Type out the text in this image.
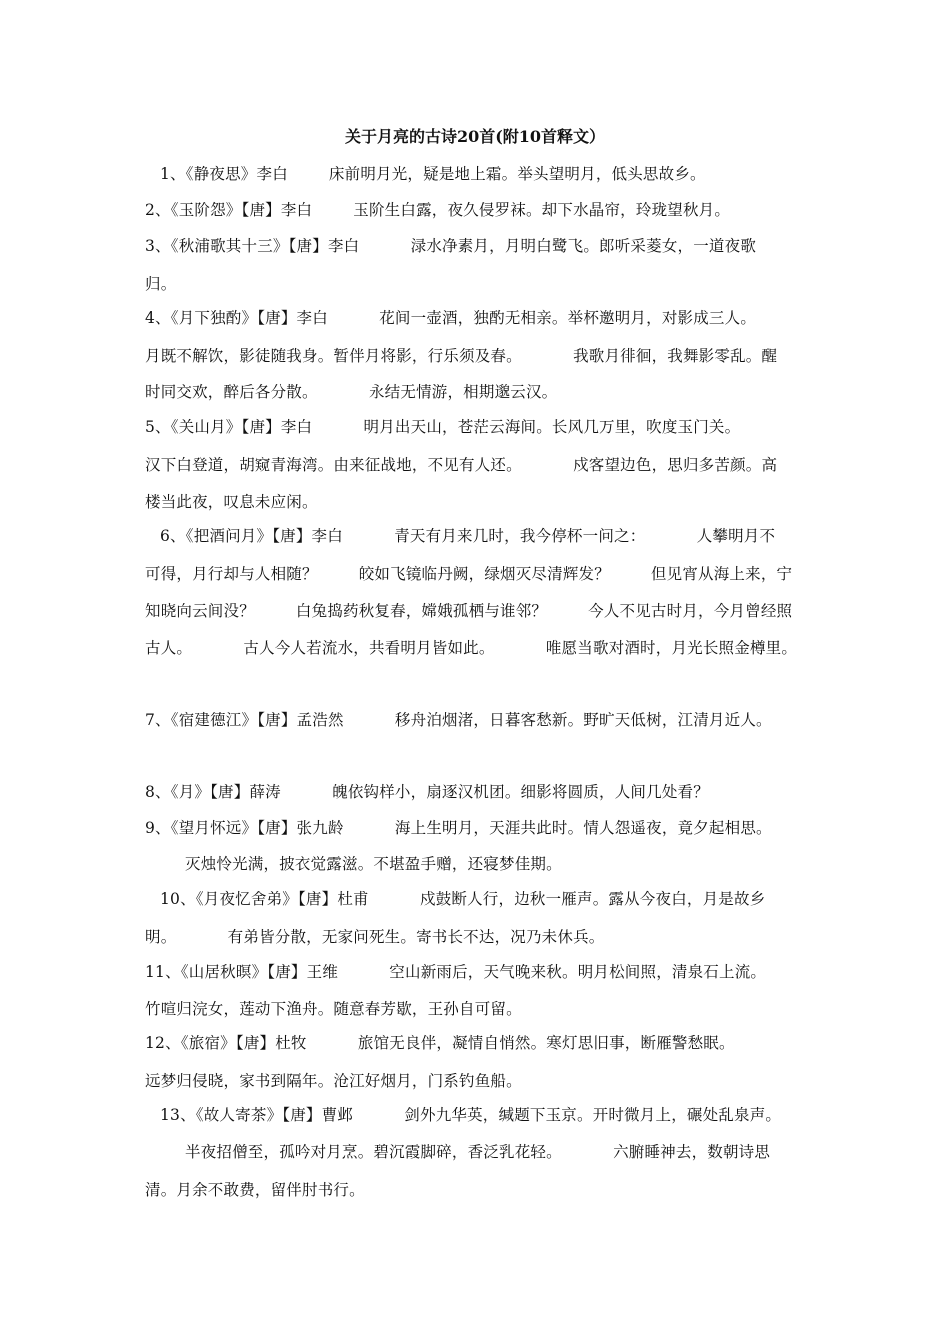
关于月亮的古诗20首(附10首释文）
1、《静夜思》李白        床前明月光，疑是地上霜。举头望明月，低头思故乡。
2、《玉阶怨》【唐】李白        玉阶生白露，夜久侵罗袜。却下水晶帘，玲珑望秋月。
3、《秋浦歌其十三》【唐】李白          渌水净素月，月明白鹭飞。郎听采菱女，一道夜歌
归。
4、《月下独酌》【唐】李白          花间一壶酒，独酌无相亲。举杯邀明月，对影成三人。
月既不解饮，影徒随我身。暂伴月将影，行乐须及春。          我歌月徘徊，我舞影零乱。醒
时同交欢，醉后各分散。          永结无情游，相期邈云汉。
5、《关山月》【唐】李白          明月出天山，苍茫云海间。长风几万里，吹度玉门关。
汉下白登道，胡窥青海湾。由来征战地，不见有人还。          戍客望边色，思归多苦颜。高
楼当此夜，叹息未应闲。
6、《把酒问月》【唐】李白          青天有月来几时，我今停杯一问之：          人攀明月不
可得，月行却与人相随？        皎如飞镜临丹阙，绿烟灭尽清辉发？        但见宵从海上来，宁
知晓向云间没？        白兔捣药秋复春，嫦娥孤栖与谁邻？        今人不见古时月，今月曾经照
古人。          古人今人若流水，共看明月皆如此。          唯愿当歌对酒时，月光长照金樽里。
7、《宿建德江》【唐】孟浩然          移舟泊烟渚，日暮客愁新。野旷天低树，江清月近人。
8、《月》【唐】薛涛          魄依钩样小，扇逐汉机团。细影将圆质，人间几处看？
9、《望月怀远》【唐】张九龄          海上生明月，天涯共此时。情人怨遥夜，竟夕起相思。
灭烛怜光满，披衣觉露滋。不堪盈手赠，还寝梦佳期。
10、《月夜忆舍弟》【唐】杜甫          戍鼓断人行，边秋一雁声。露从今夜白，月是故乡
明。          有弟皆分散，无家问死生。寄书长不达，况乃未休兵。
11、《山居秋暝》【唐】王维          空山新雨后，天气晚来秋。明月松间照，清泉石上流。
竹喧归浣女，莲动下渔舟。随意春芳歇，王孙自可留。
12、《旅宿》【唐】杜牧          旅馆无良伴，凝情自悄然。寒灯思旧事，断雁警愁眠。
远梦归侵晓，家书到隔年。沧江好烟月，门系钓鱼船。
13、《故人寄茶》【唐】曹邺          剑外九华英，缄题下玉京。开时微月上，碾处乱泉声。
半夜招僧至，孤吟对月烹。碧沉霞脚碎，香泛乳花轻。          六腑睡神去，数朝诗思
清。月余不敢费，留伴肘书行。
